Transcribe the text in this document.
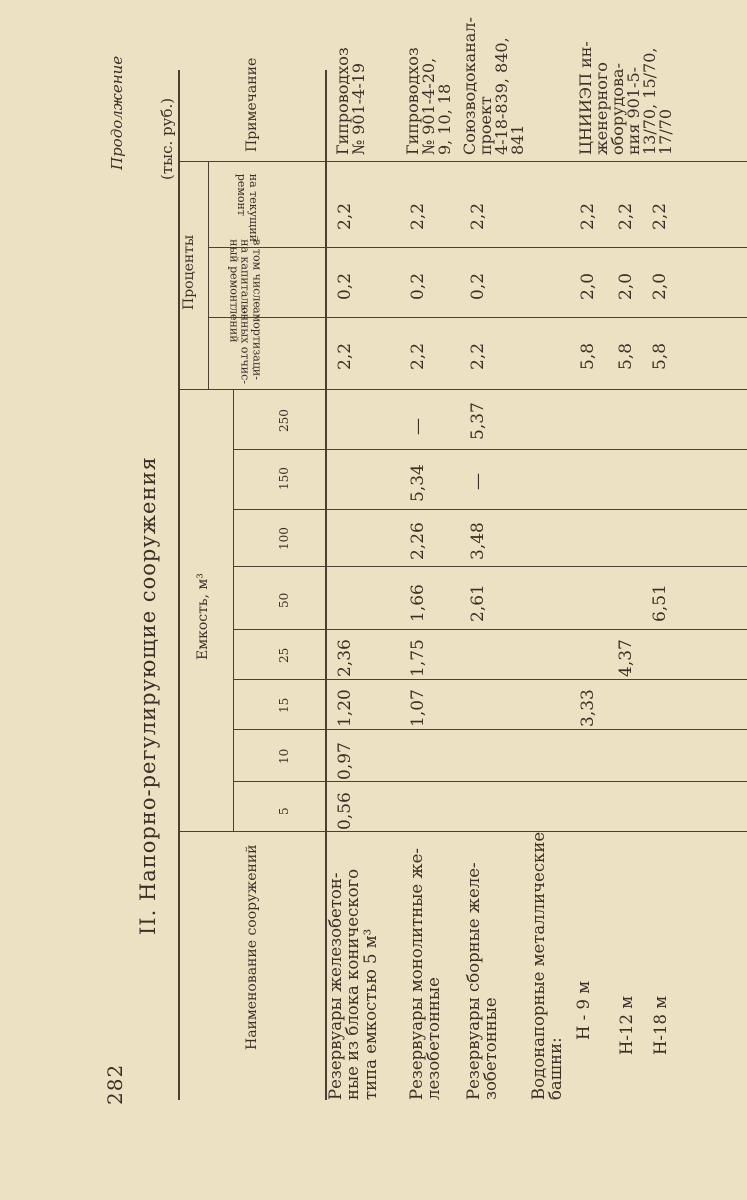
282
II. Напорно-регулирующие сооружения
Продолжение (тыс. руб.)
Наименование сооружений
Емкость, м³
5
10
15
25
50
100
150
250
Проценты
амортизаци-
онных отчис-
лений
в том числе
на капиталь-
ный ремонт
на текущий
ремонт
Примечание
Резервуары железобетон-
ные из блока конического
типа емкостью 5 м³
0,56
0,97
1,20
2,36
2,2
0,2
2,2
Гипроводхоз
№ 901-4-19
Резервуары монолитные же-
лезобетонные
1,07
1,75
1,66
2,26
5,34
—
2,2
0,2
2,2
Гипроводхоз
№ 901-4-20,
9, 10, 18
Резервуары сборные желе-
зобетонные
2,61
3,48
—
5,37
2,2
0,2
2,2
Союзводоканал-
проект
4-18-839, 840,
841
Водонапорные металлические
башни:
Н - 9 м
3,33
5,8
2,0
2,2
ЦНИИЭП ин-
женерного
оборудова-
ния 901-5-
13/70, 15/70,
17/70
Н-12 м
4,37
5,8
2,0
2,2
Н-18 м
6,51
5,8
2,0
2,2
